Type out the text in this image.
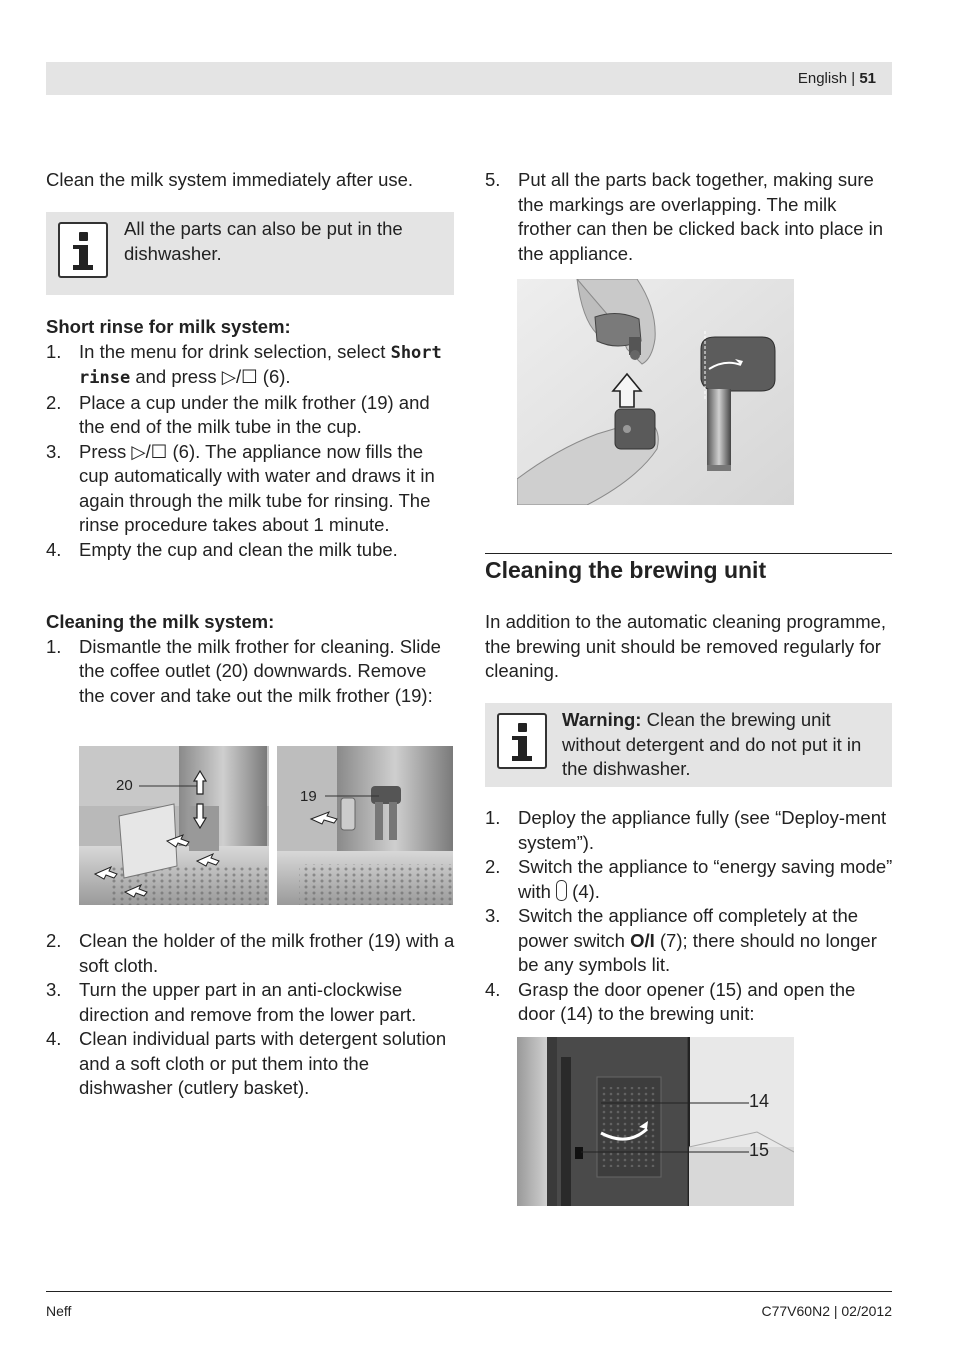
English | 51

Clean the milk system immediately after use.

All the parts can also be put in the dishwasher.

Short rinse for milk system:

1. In the menu for drink selection, select Short rinse and press ▷/☐ (6).
2. Place a cup under the milk frother (19) and the end of the milk tube in the cup.
3. Press ▷/☐ (6). The appliance now fills the cup automatically with water and draws it in again through the milk tube for rinsing. The rinse procedure takes about 1 minute.
4. Empty the cup and clean the milk tube.

Cleaning the milk system:

1. Dismantle the milk frother for cleaning. Slide the coffee outlet (20) downwards. Remove the cover and take out the milk frother (19):
20
19
2. Clean the holder of the milk frother (19) with a soft cloth.
3. Turn the upper part in an anti-clockwise direction and remove from the lower part.
4. Clean individual parts with detergent solution and a soft cloth or put them into the dishwasher (cutlery basket).
5. Put all the parts back together, making sure the markings are overlapping. The milk frother can then be clicked back into place in the appliance.
Cleaning the brewing unit

In addition to the automatic cleaning programme, the brewing unit should be removed regularly for cleaning.

Warning: Clean the brewing unit without detergent and do not put it in the dishwasher.
1. Deploy the appliance fully (see “Deploy-ment system”).
2. Switch the appliance to “energy saving mode” with  (4).
3. Switch the appliance off completely at the power switch O/I (7); there should no longer be any symbols lit.
4. Grasp the door opener (15) and open the door (14) to the brewing unit:
14
15
Neff	C77V60N2 | 02/2012
